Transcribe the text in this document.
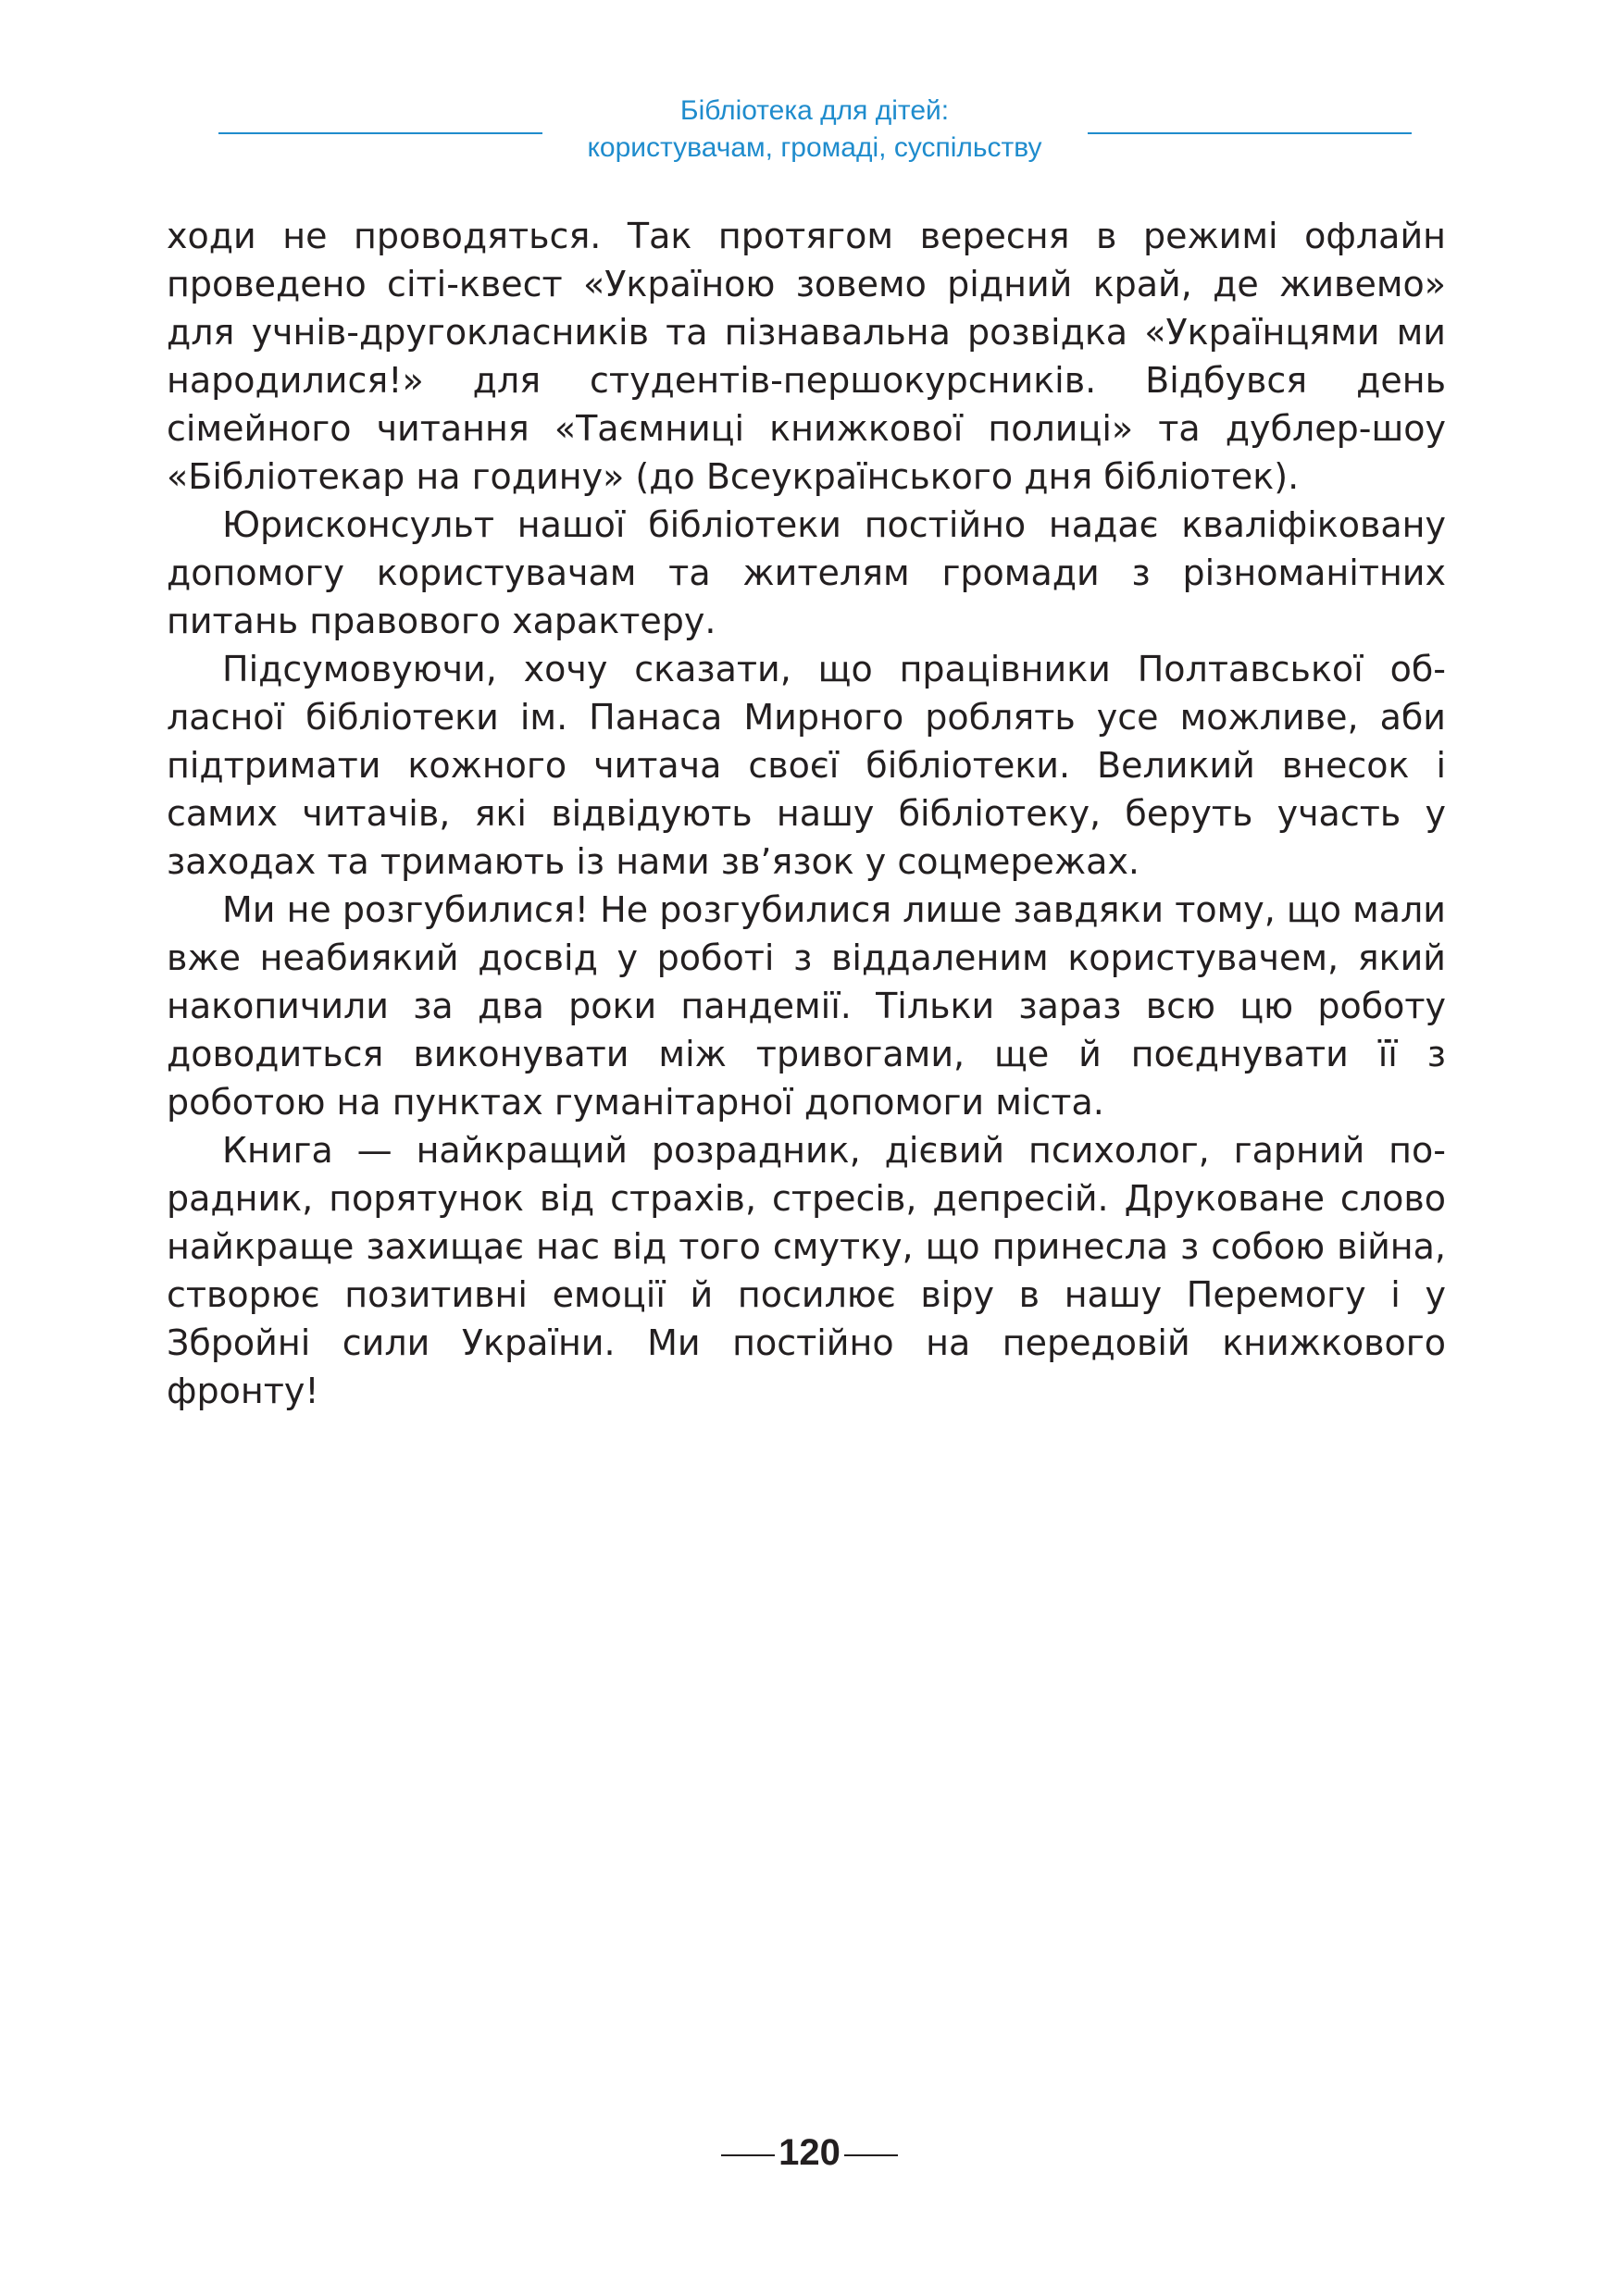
Бібліотека для дітей:
користувачам, громаді, суспільству

ходи не проводяться. Так протягом вересня в режимі офлайн проведено сіті-квест «Україною зовемо рідний край, де живемо» для учнів-другокласників та пізнавальна розвідка «Українцями ми народилися!» для студентів-першокурсників. Відбувся день сімейного читання «Таємниці книжкової полиці» та дублер-шоу «Бібліотекар на годину» (до Всеукраїнського дня бібліотек).

Юрисконсульт нашої бібліотеки постійно надає кваліфіковану допомогу користувачам та жителям громади з різноманітних питань правового характеру.

Підсумовуючи, хочу сказати, що працівники Полтавської обласної бібліотеки ім. Панаса Мирного роблять усе можливе, аби підтримати кожного читача своєї бібліотеки. Великий внесок і самих читачів, які відвідують нашу бібліотеку, беруть участь у заходах та тримають із нами зв’язок у соцмережах.

Ми не розгубилися! Не розгубилися лише завдяки тому, що мали вже неабиякий досвід у роботі з віддаленим користувачем, який накопичили за два роки пандемії. Тільки зараз всю цю роботу доводиться виконувати між тривогами, ще й поєднувати її з роботою на пунктах гуманітарної допомоги міста.

Книга — найкращий розрадник, дієвий психолог, гарний порадник, порятунок від страхів, стресів, депресій. Друковане слово найкраще захищає нас від того смутку, що принесла з собою війна, створює позитивні емоції й посилює віру в нашу Перемогу і у Збройні сили України. Ми постійно на передовій книжкового фронту!

120
